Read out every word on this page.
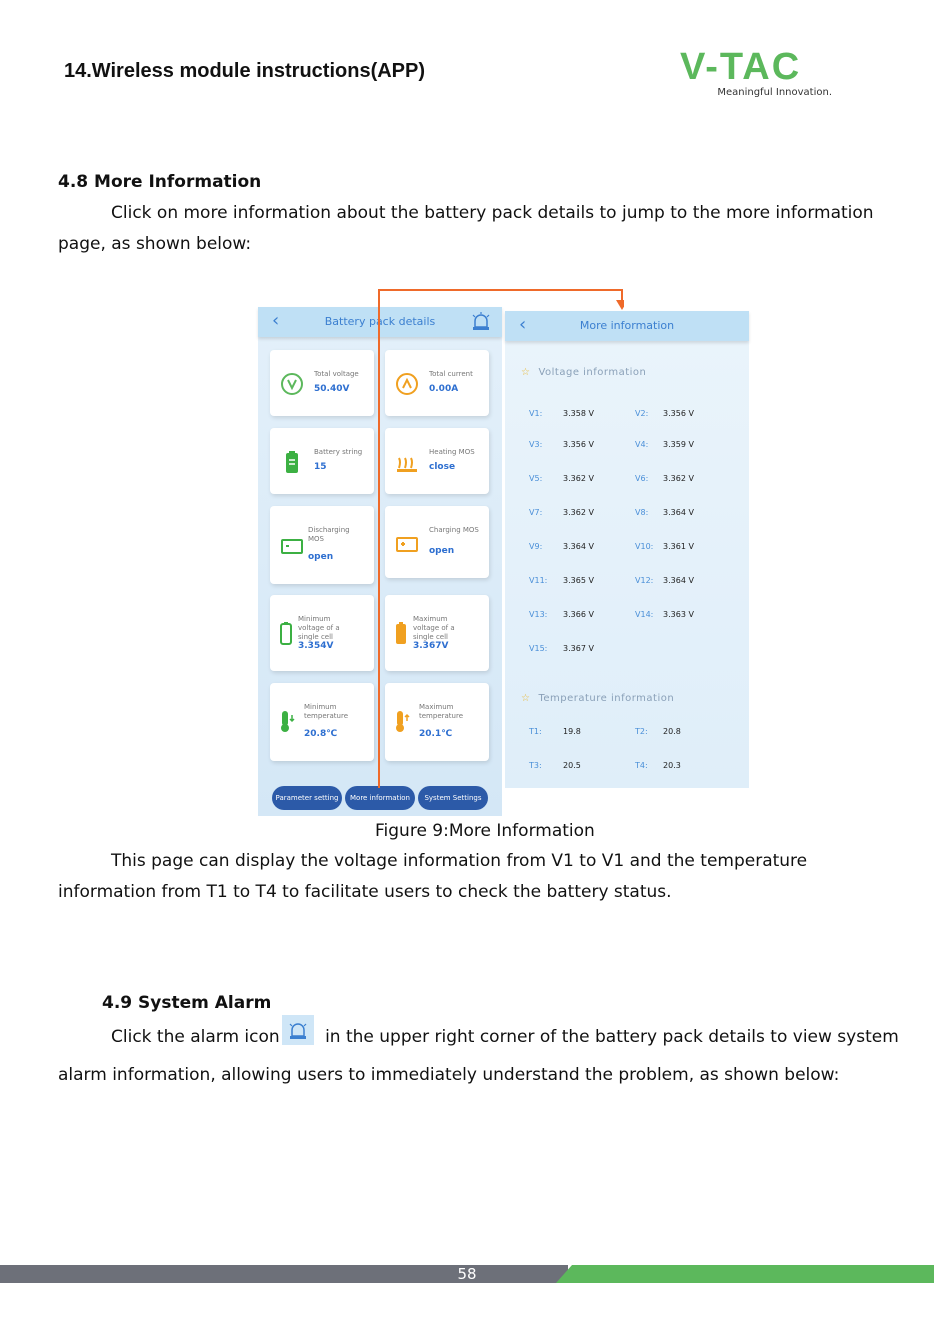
14.Wireless module instructions(APP)	V-TAC
Meaningful Innovation.
4.8 More Information
Click on more information about the battery pack details to jump to the more information
page, as shown below:
‹	Battery pack details
Total voltage
50.40V
Total current
0.00A
Battery string
15
Heating MOS
close
Discharging MOS
open
Charging MOS
open
Minimum voltage of a single cell
3.354V
Maximum voltage of a single cell
3.367V
Minimum temperature
20.8℃
Maximum temperature
20.1℃
Parameter setting	More information	System Settings
‹	More information
☆ Voltage information
V1:	3.358 V	V2: 3.356 V
V3:	3.356 V	V4: 3.359 V
V5:	3.362 V	V6: 3.362 V
V7:	3.362 V	V8: 3.364 V
V9:	3.364 V	V10: 3.361 V
V11: 3.365 V	V12: 3.364 V
V13: 3.366 V	V14: 3.363 V
V15: 3.367 V
☆ Temperature information
T1:	19.8	T2: 20.8
T3:	20.5	T4: 20.3
Figure 9:More Information
This page can display the voltage information from V1 to V1 and the temperature
information from T1 to T4 to facilitate users to check the battery status.
4.9 System Alarm
Click the alarm icon
in the upper right corner of the battery pack details to view system
alarm information, allowing users to immediately understand the problem, as shown below:
58
